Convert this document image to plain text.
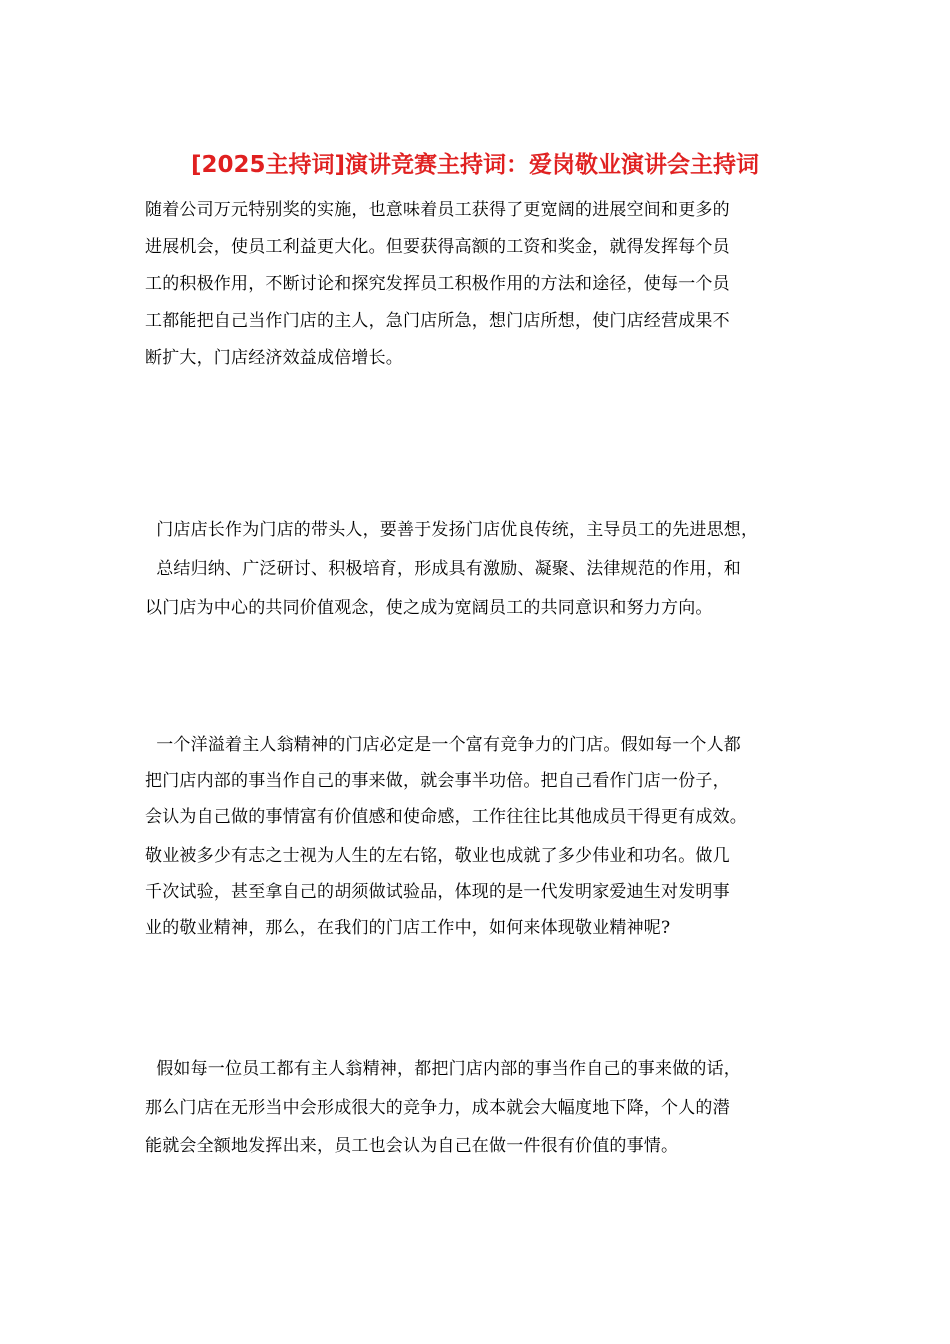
[2025主持词]演讲竞赛主持词：爱岗敬业演讲会主持词
随着公司万元特别奖的实施，也意味着员工获得了更宽阔的进展空间和更多的
进展机会，使员工利益更大化。但要获得高额的工资和奖金，就得发挥每个员
工的积极作用，不断讨论和探究发挥员工积极作用的方法和途径，使每一个员
工都能把自己当作门店的主人，急门店所急，想门店所想，使门店经营成果不
断扩大，门店经济效益成倍增长。
门店店长作为门店的带头人，要善于发扬门店优良传统，主导员工的先进思想，
总结归纳、广泛研讨、积极培育，形成具有激励、凝聚、法律规范的作用，和
以门店为中心的共同价值观念，使之成为宽阔员工的共同意识和努力方向。
一个洋溢着主人翁精神的门店必定是一个富有竞争力的门店。假如每一个人都
把门店内部的事当作自己的事来做，就会事半功倍。把自己看作门店一份子，
会认为自己做的事情富有价值感和使命感，工作往往比其他成员干得更有成效。
敬业被多少有志之士视为人生的左右铭，敬业也成就了多少伟业和功名。做几
千次试验，甚至拿自己的胡须做试验品，体现的是一代发明家爱迪生对发明事
业的敬业精神，那么，在我们的门店工作中，如何来体现敬业精神呢?
假如每一位员工都有主人翁精神，都把门店内部的事当作自己的事来做的话，
那么门店在无形当中会形成很大的竞争力，成本就会大幅度地下降，个人的潜
能就会全额地发挥出来，员工也会认为自己在做一件很有价值的事情。
